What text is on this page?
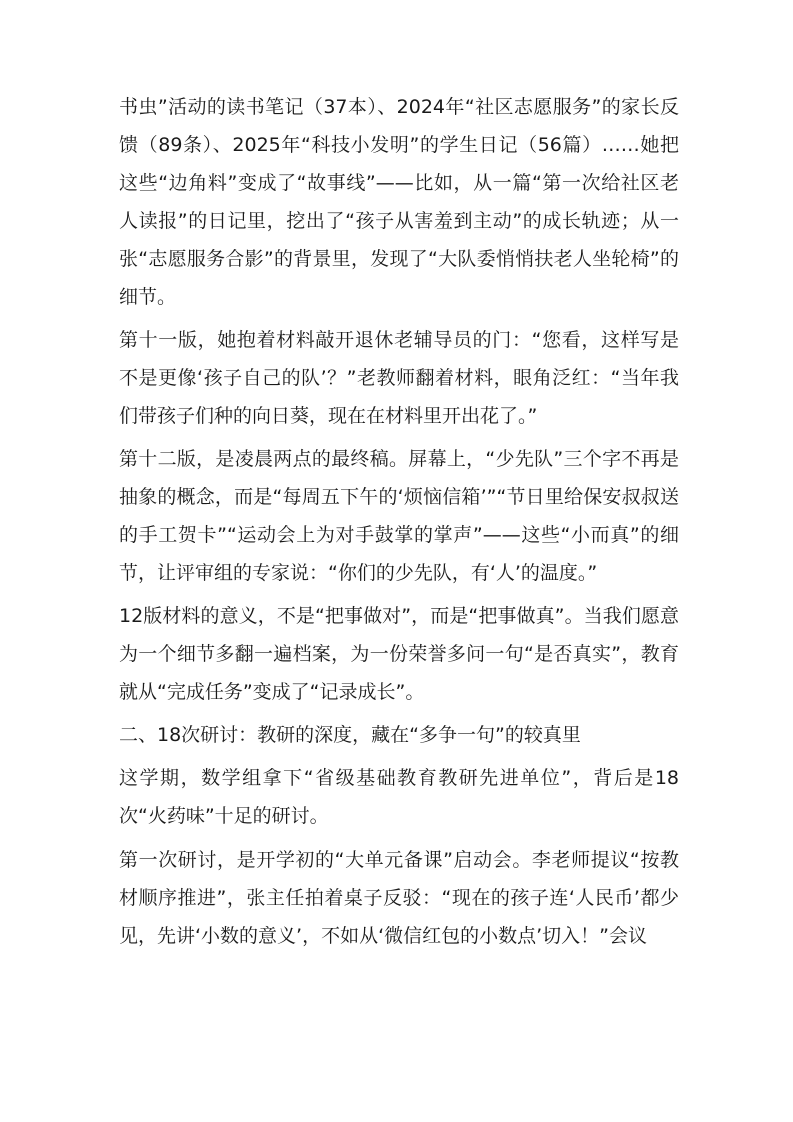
书虫”活动的读书笔记（37本）、2024年“社区志愿服务”的家长反馈（89条）、2025年“科技小发明”的学生日记（56篇）……她把这些“边角料”变成了“故事线”——比如，从一篇“第一次给社区老人读报”的日记里，挖出了“孩子从害羞到主动”的成长轨迹；从一张“志愿服务合影”的背景里，发现了“大队委悄悄扶老人坐轮椅”的细节。

第十一版，她抱着材料敲开退休老辅导员的门：“您看，这样写是不是更像‘孩子自己的队’？”老教师翻着材料，眼角泛红：“当年我们带孩子们种的向日葵，现在在材料里开出花了。”

第十二版，是凌晨两点的最终稿。屏幕上，“少先队”三个字不再是抽象的概念，而是“每周五下午的‘烦恼信箱’”“节日里给保安叔叔送的手工贺卡”“运动会上为对手鼓掌的掌声”——这些“小而真”的细节，让评审组的专家说：“你们的少先队，有‘人’的温度。”

12版材料的意义，不是“把事做对”，而是“把事做真”。当我们愿意为一个细节多翻一遍档案，为一份荣誉多问一句“是否真实”，教育就从“完成任务”变成了“记录成长”。

二、18次研讨：教研的深度，藏在“多争一句”的较真里

这学期，数学组拿下“省级基础教育教研先进单位”，背后是18次“火药味”十足的研讨。

第一次研讨，是开学初的“大单元备课”启动会。李老师提议“按教材顺序推进”，张主任拍着桌子反驳：“现在的孩子连‘人民币’都少见，先讲‘小数的意义’，不如从‘微信红包的小数点’切入！”会议
